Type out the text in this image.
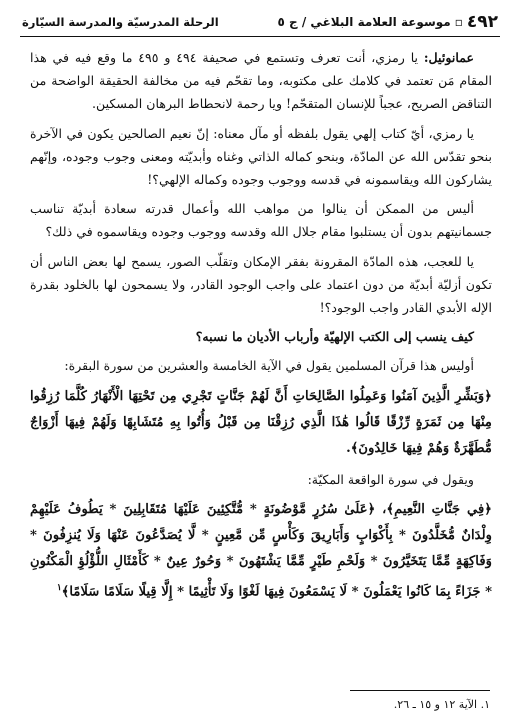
٤٩٢
▫
موسوعة العلامة البلاغي / ج ٥
الرحلة المدرسيّة والمدرسة السيّارة

عمانوئيل: يا رمزي، أنت تعرف وتستمع في صحيفة ٤٩٤ و ٤٩٥ ما وقع فيه في هذا المقام مَن تعتمد في كلامك على مكتوبه، وما تقحّم فيه من مخالفة الحقيقة الواضحة من التناقض الصريح، عجباً للإنسان المتقحّم! ويا رحمة لانحطاط البرهان المسكين.

يا رمزي، أيّ كتاب إلهي يقول بلفظه أو مآل معناه: إنّ نعيم الصالحين يكون في الآخرة بنحو تقدّس الله عن المادّة، وبنحو كماله الذاتي وغناه وأبديّته ومعنى وجوب وجوده، وإنّهم يشاركون الله ويقاسمونه في قدسه ووجوب وجوده وكماله الإلهي؟!

أليس من الممكن أن ينالوا من مواهب الله وأعمال قدرته سعادة أبديّة تناسب جسمانيتهم بدون أن يستلبوا مقام جلال الله وقدسه ووجوب وجوده ويقاسموه في ذلك؟

يا للعجب، هذه المادّة المقرونة بفقر الإمكان وتقلّب الصور، يسمح لها بعض الناس أن تكون أزليّة أبديّة من دون اعتماد على واجب الوجود القادر، ولا يسمحون لها بالخلود بقدرة الإله الأبدي القادر واجب الوجود؟!

كيف ينسب إلى الكتب الإلهيّة وأرباب الأديان ما نسبه؟

أوليس هذا قرآن المسلمين يقول في الآية الخامسة والعشرين من سورة البقرة:

﴿وَبَشِّرِ الَّذِينَ آمَنُوا وَعَمِلُوا الصَّالِحَاتِ أَنَّ لَهُمْ جَنَّاتٍ تَجْرِي مِن تَحْتِهَا الْأَنْهَارُ كُلَّمَا رُزِقُوا مِنْهَا مِن ثَمَرَةٍ رِّزْقًا قَالُوا هَٰذَا الَّذِي رُزِقْنَا مِن قَبْلُ وَأُتُوا بِهِ مُتَشَابِهًا وَلَهُمْ فِيهَا أَزْوَاجٌ مُّطَهَّرَةٌ وَهُمْ فِيهَا خَالِدُونَ﴾.

ويقول في سورة الواقعة المكيّة:

﴿فِي جَنَّاتِ النَّعِيمِ﴾، ﴿عَلَىٰ سُرُرٍ مَّوْضُونَةٍ * مُّتَّكِئِينَ عَلَيْهَا مُتَقَابِلِينَ * يَطُوفُ عَلَيْهِمْ وِلْدَانٌ مُّخَلَّدُونَ * بِأَكْوَابٍ وَأَبَارِيقَ وَكَأْسٍ مِّن مَّعِينٍ * لَّا يُصَدَّعُونَ عَنْهَا وَلَا يُنزِفُونَ * وَفَاكِهَةٍ مِّمَّا يَتَخَيَّرُونَ * وَلَحْمِ طَيْرٍ مِّمَّا يَشْتَهُونَ * وَحُورٌ عِينٌ * كَأَمْثَالِ اللُّؤْلُؤِ الْمَكْنُونِ * جَزَاءً بِمَا كَانُوا يَعْمَلُونَ * لَا يَسْمَعُونَ فِيهَا لَغْوًا وَلَا تَأْثِيمًا * إِلَّا قِيلًا سَلَامًا سَلَامًا﴾$^١$

١. الآية ١٢ و ١٥ ـ ٢٦.
